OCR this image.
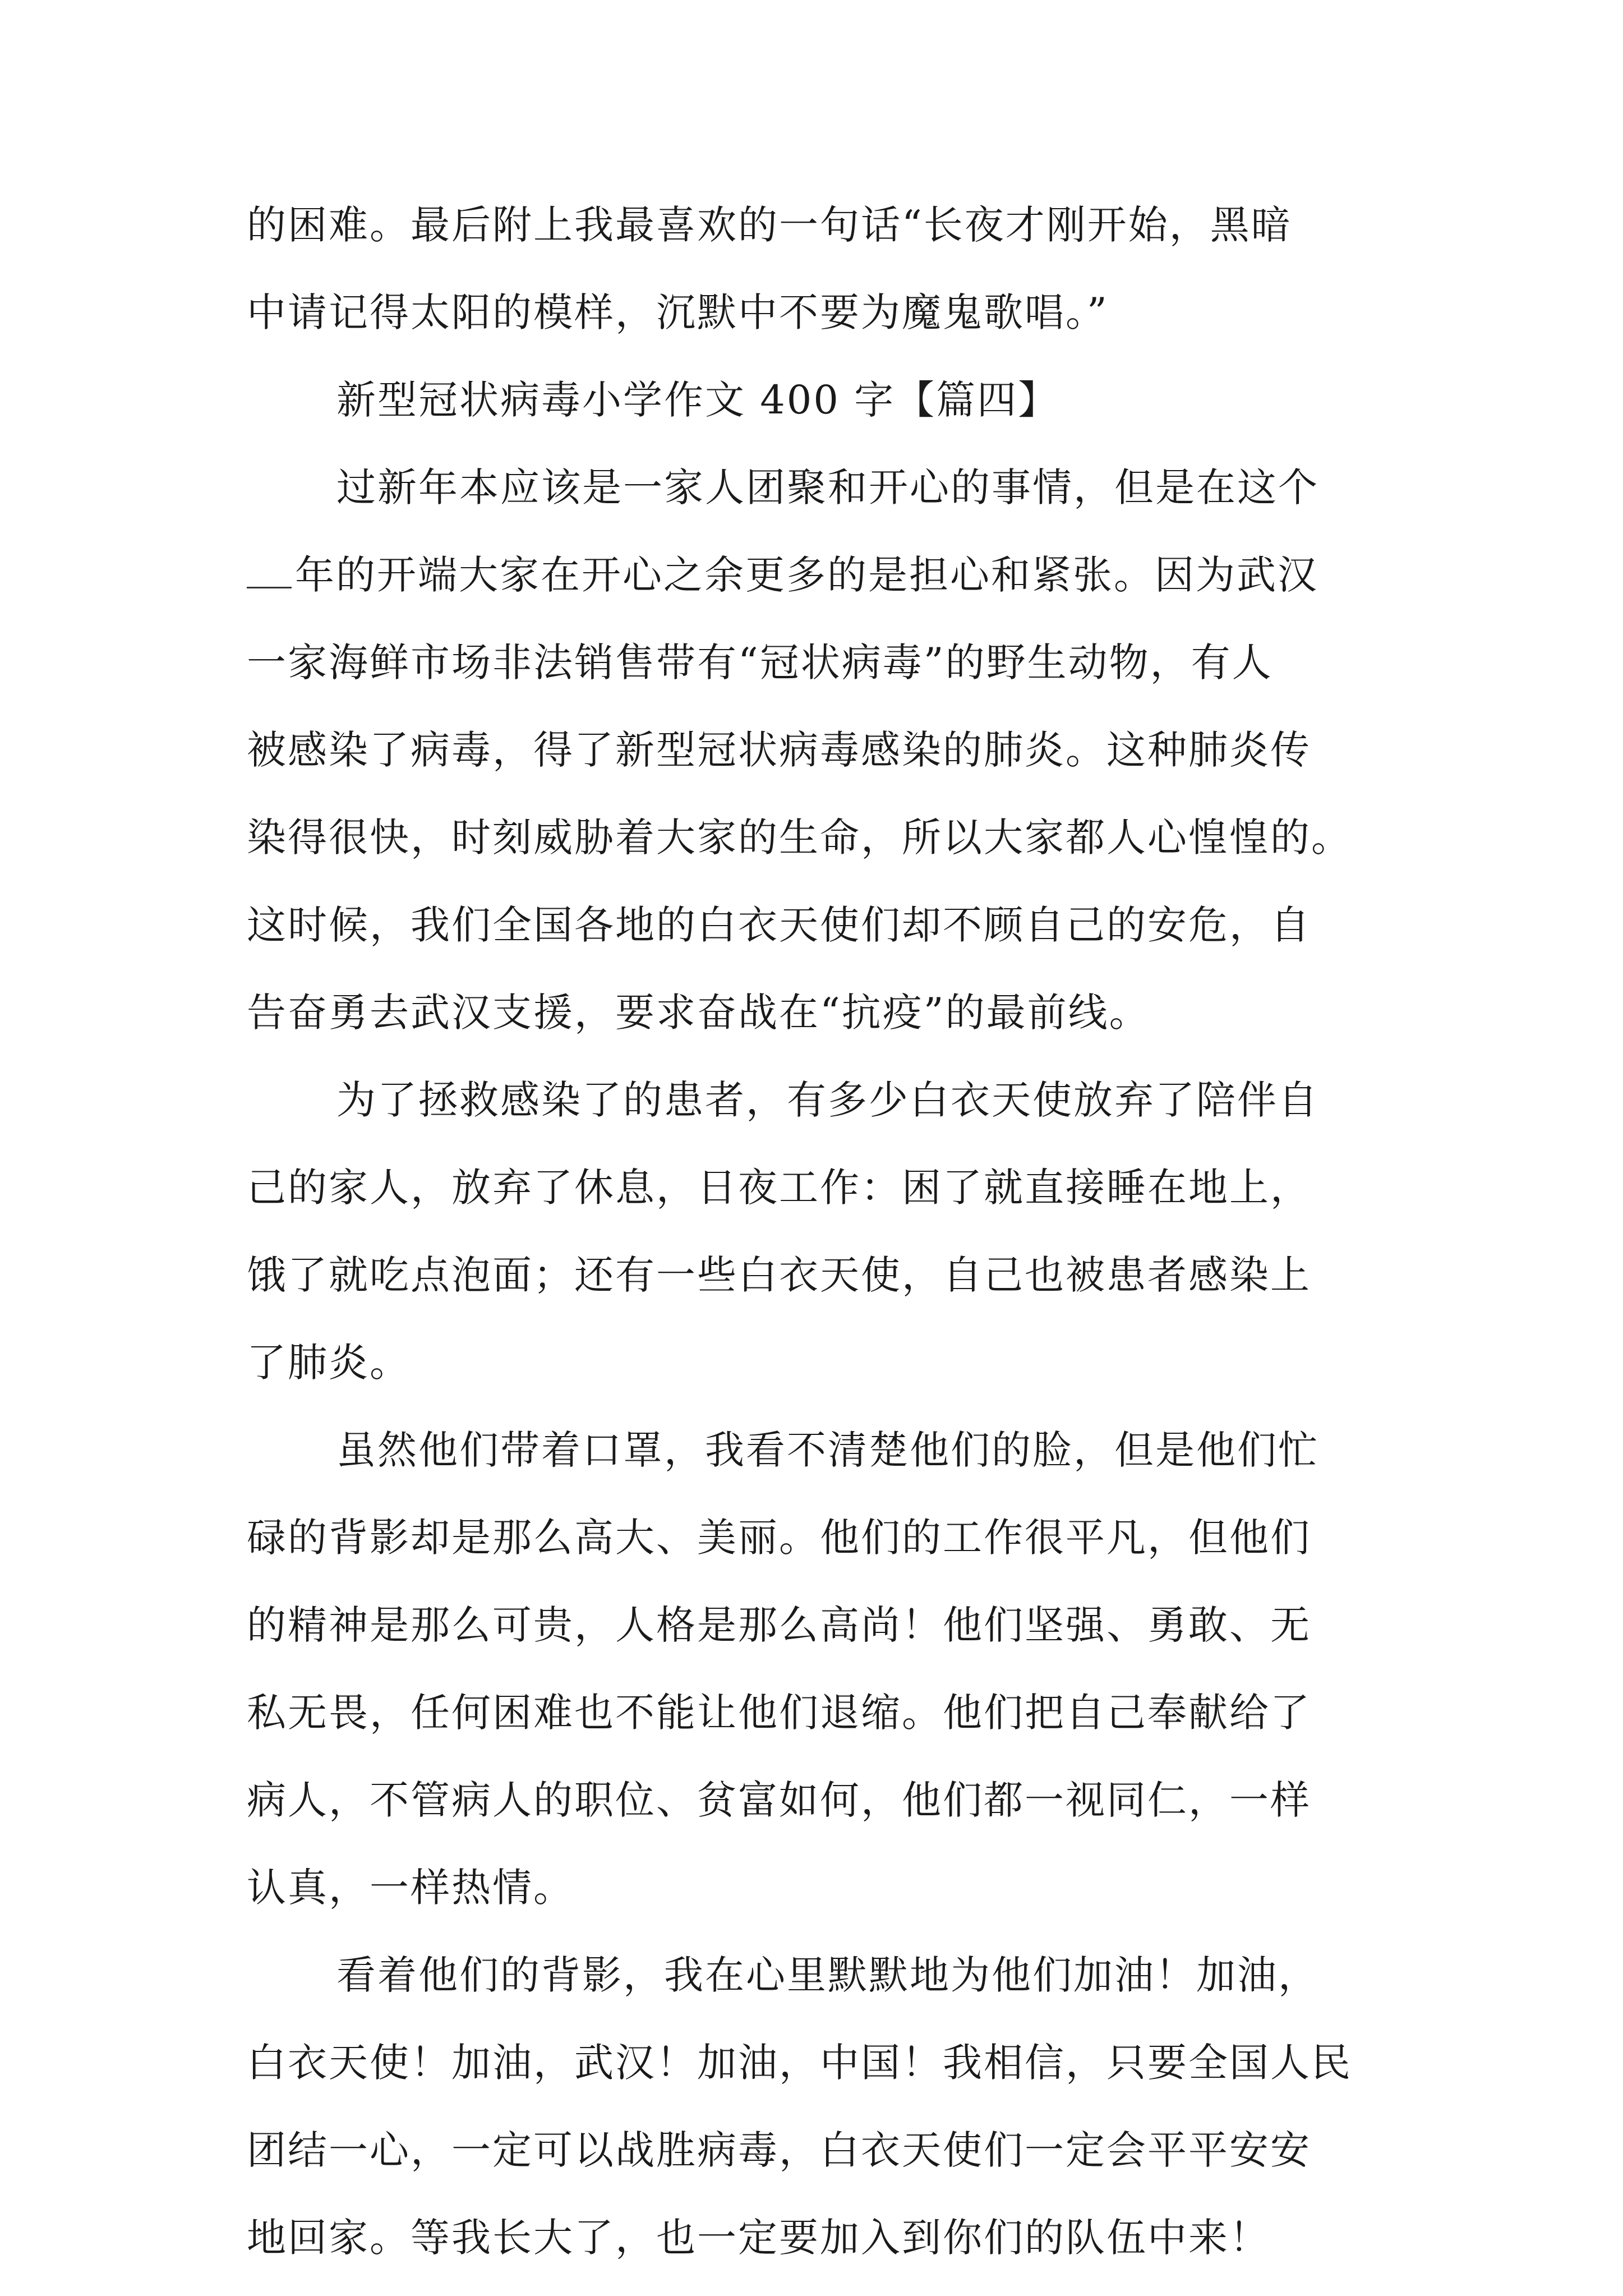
的困难。最后附上我最喜欢的一句话“长夜才刚开始，黑暗
中请记得太阳的模样，沉默中不要为魔鬼歌唱。”
新型冠状病毒小学作文 400 字【篇四】
过新年本应该是一家人团聚和开心的事情，但是在这个
年的开端大家在开心之余更多的是担心和紧张。因为武汉
一家海鲜市场非法销售带有“冠状病毒”的野生动物，有人
被感染了病毒，得了新型冠状病毒感染的肺炎。这种肺炎传
染得很快，时刻威胁着大家的生命，所以大家都人心惶惶的。
这时候，我们全国各地的白衣天使们却不顾自己的安危，自
告奋勇去武汉支援，要求奋战在“抗疫”的最前线。
为了拯救感染了的患者，有多少白衣天使放弃了陪伴自
己的家人，放弃了休息，日夜工作：困了就直接睡在地上，
饿了就吃点泡面；还有一些白衣天使，自己也被患者感染上
了肺炎。
虽然他们带着口罩，我看不清楚他们的脸，但是他们忙
碌的背影却是那么高大、美丽。他们的工作很平凡，但他们
的精神是那么可贵，人格是那么高尚！他们坚强、勇敢、无
私无畏，任何困难也不能让他们退缩。他们把自己奉献给了
病人，不管病人的职位、贫富如何，他们都一视同仁，一样
认真，一样热情。
看着他们的背影，我在心里默默地为他们加油！加油，
白衣天使！加油，武汉！加油，中国！我相信，只要全国人民
团结一心，一定可以战胜病毒，白衣天使们一定会平平安安
地回家。等我长大了，也一定要加入到你们的队伍中来！
